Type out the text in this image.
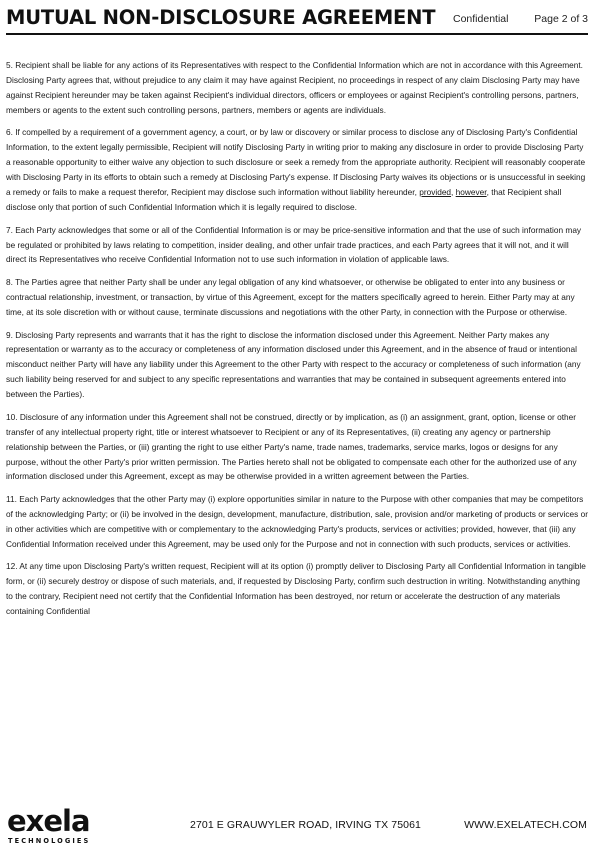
MUTUAL NON-DISCLOSURE AGREEMENT Confidential Page 2 of 3

5. Recipient shall be liable for any actions of its Representatives with respect to the Confidential Information which are not in accordance with this Agreement. Disclosing Party agrees that, without prejudice to any claim it may have against Recipient, no proceedings in respect of any claim Disclosing Party may have against Recipient hereunder may be taken against Recipient's individual directors, officers or employees or against Recipient's controlling persons, partners, members or agents to the extent such controlling persons, partners, members or agents are individuals.

6. If compelled by a requirement of a government agency, a court, or by law or discovery or similar process to disclose any of Disclosing Party's Confidential Information, to the extent legally permissible, Recipient will notify Disclosing Party in writing prior to making any disclosure in order to provide Disclosing Party a reasonable opportunity to either waive any objection to such disclosure or seek a remedy from the appropriate authority. Recipient will reasonably cooperate with Disclosing Party in its efforts to obtain such a remedy at Disclosing Party's expense. If Disclosing Party waives its objections or is unsuccessful in seeking a remedy or fails to make a request therefor, Recipient may disclose such information without liability hereunder, provided, however, that Recipient shall disclose only that portion of such Confidential Information which it is legally required to disclose.

7. Each Party acknowledges that some or all of the Confidential Information is or may be price-sensitive information and that the use of such information may be regulated or prohibited by laws relating to competition, insider dealing, and other unfair trade practices, and each Party agrees that it will not, and it will direct its Representatives who receive Confidential Information not to use such information in violation of applicable laws.

8. The Parties agree that neither Party shall be under any legal obligation of any kind whatsoever, or otherwise be obligated to enter into any business or contractual relationship, investment, or transaction, by virtue of this Agreement, except for the matters specifically agreed to herein. Either Party may at any time, at its sole discretion with or without cause, terminate discussions and negotiations with the other Party, in connection with the Purpose or otherwise.

9. Disclosing Party represents and warrants that it has the right to disclose the information disclosed under this Agreement. Neither Party makes any representation or warranty as to the accuracy or completeness of any information disclosed under this Agreement, and in the absence of fraud or intentional misconduct neither Party will have any liability under this Agreement to the other Party with respect to the accuracy or completeness of such information (any such liability being reserved for and subject to any specific representations and warranties that may be contained in subsequent agreements entered into between the Parties).

10. Disclosure of any information under this Agreement shall not be construed, directly or by implication, as (i) an assignment, grant, option, license or other transfer of any intellectual property right, title or interest whatsoever to Recipient or any of its Representatives, (ii) creating any agency or partnership relationship between the Parties, or (iii) granting the right to use either Party's name, trade names, trademarks, service marks, logos or designs for any purpose, without the other Party's prior written permission. The Parties hereto shall not be obligated to compensate each other for the authorized use of any information disclosed under this Agreement, except as may be otherwise provided in a written agreement between the Parties.

11. Each Party acknowledges that the other Party may (i) explore opportunities similar in nature to the Purpose with other companies that may be competitors of the acknowledging Party; or (ii) be involved in the design, development, manufacture, distribution, sale, provision and/or marketing of products or services or in other activities which are competitive with or complementary to the acknowledging Party's products, services or activities; provided, however, that (iii) any Confidential Information received under this Agreement, may be used only for the Purpose and not in connection with such products, services or activities.

12. At any time upon Disclosing Party's written request, Recipient will at its option (i) promptly deliver to Disclosing Party all Confidential Information in tangible form, or (ii) securely destroy or dispose of such materials, and, if requested by Disclosing Party, confirm such destruction in writing. Notwithstanding anything to the contrary, Recipient need not certify that the Confidential Information has been destroyed, nor return or accelerate the destruction of any materials containing Confidential

exela
TECHNOLOGIES
2701 E GRAUWYLER ROAD, IRVING TX 75061	WWW.EXELATECH.COM
